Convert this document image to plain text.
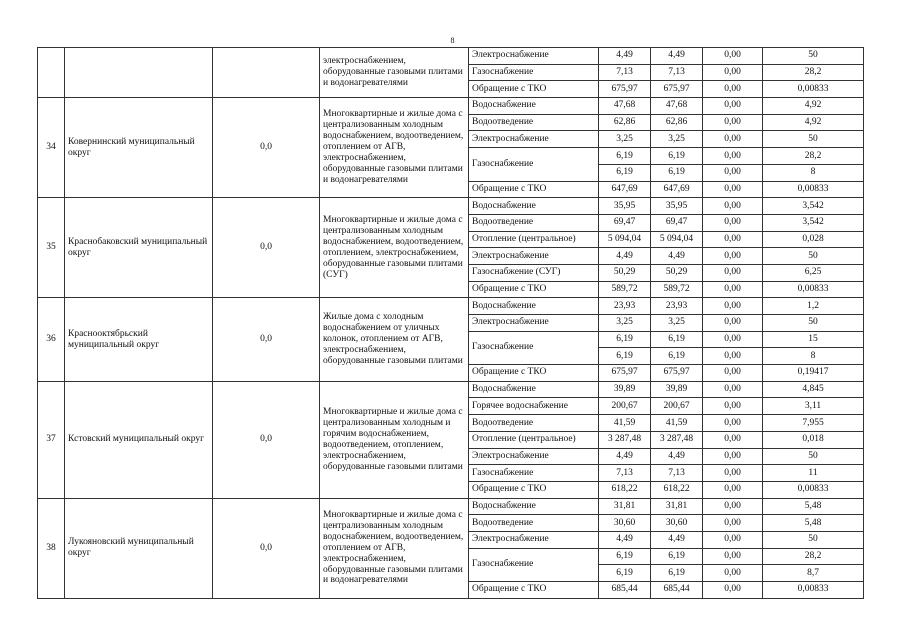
8
			электроснабжением, оборудованные газовыми плитами и водонагревателями	Электроснабжение	4,49	4,49	0,00	50
				Газоснабжение	7,13	7,13	0,00	28,2
				Обращение с ТКО	675,97	675,97	0,00	0,00833
34	Ковернинский муниципальный округ	0,0	Многоквартирные и жилые дома с централизованным холодным водоснабжением, водоотведением, отоплением от АГВ, электроснабжением, оборудованные газовыми плитами и водонагревателями	Водоснабжение	47,68	47,68	0,00	4,92
				Водоотведение	62,86	62,86	0,00	4,92
				Электроснабжение	3,25	3,25	0,00	50
				Газоснабжение	6,19	6,19	0,00	28,2
					6,19	6,19	0,00	8
				Обращение с ТКО	647,69	647,69	0,00	0,00833
35	Краснобаковский муниципальный округ	0,0	Многоквартирные и жилые дома с централизованным холодным водоснабжением, водоотведением, отоплением, электроснабжением, оборудованные газовыми плитами (СУГ)	Водоснабжение	35,95	35,95	0,00	3,542
				Водоотведение	69,47	69,47	0,00	3,542
				Отопление (центральное)	5 094,04	5 094,04	0,00	0,028
				Электроснабжение	4,49	4,49	0,00	50
				Газоснабжение (СУГ)	50,29	50,29	0,00	6,25
				Обращение с ТКО	589,72	589,72	0,00	0,00833
36	Краснооктябрьский муниципальный округ	0,0	Жилые дома с холодным водоснабжением от уличных колонок, отоплением от АГВ, электроснабжением, оборудованные газовыми плитами	Водоснабжение	23,93	23,93	0,00	1,2
				Электроснабжение	3,25	3,25	0,00	50
				Газоснабжение	6,19	6,19	0,00	15
					6,19	6,19	0,00	8
				Обращение с ТКО	675,97	675,97	0,00	0,19417
37	Кстовский муниципальный округ	0,0	Многоквартирные и жилые дома с централизованным холодным и горячим водоснабжением, водоотведением, отоплением, электроснабжением, оборудованные газовыми плитами	Водоснабжение	39,89	39,89	0,00	4,845
				Горячее водоснабжение	200,67	200,67	0,00	3,11
				Водоотведение	41,59	41,59	0,00	7,955
				Отопление (центральное)	3 287,48	3 287,48	0,00	0,018
				Электроснабжение	4,49	4,49	0,00	50
				Газоснабжение	7,13	7,13	0,00	11
				Обращение с ТКО	618,22	618,22	0,00	0,00833
38	Лукояновский муниципальный округ	0,0	Многоквартирные и жилые дома с централизованным холодным водоснабжением, водоотведением, отоплением от АГВ, электроснабжением, оборудованные газовыми плитами и водонагревателями	Водоснабжение	31,81	31,81	0,00	5,48
				Водоотведение	30,60	30,60	0,00	5,48
				Электроснабжение	4,49	4,49	0,00	50
				Газоснабжение	6,19	6,19	0,00	28,2
					6,19	6,19	0,00	8,7
				Обращение с ТКО	685,44	685,44	0,00	0,00833
